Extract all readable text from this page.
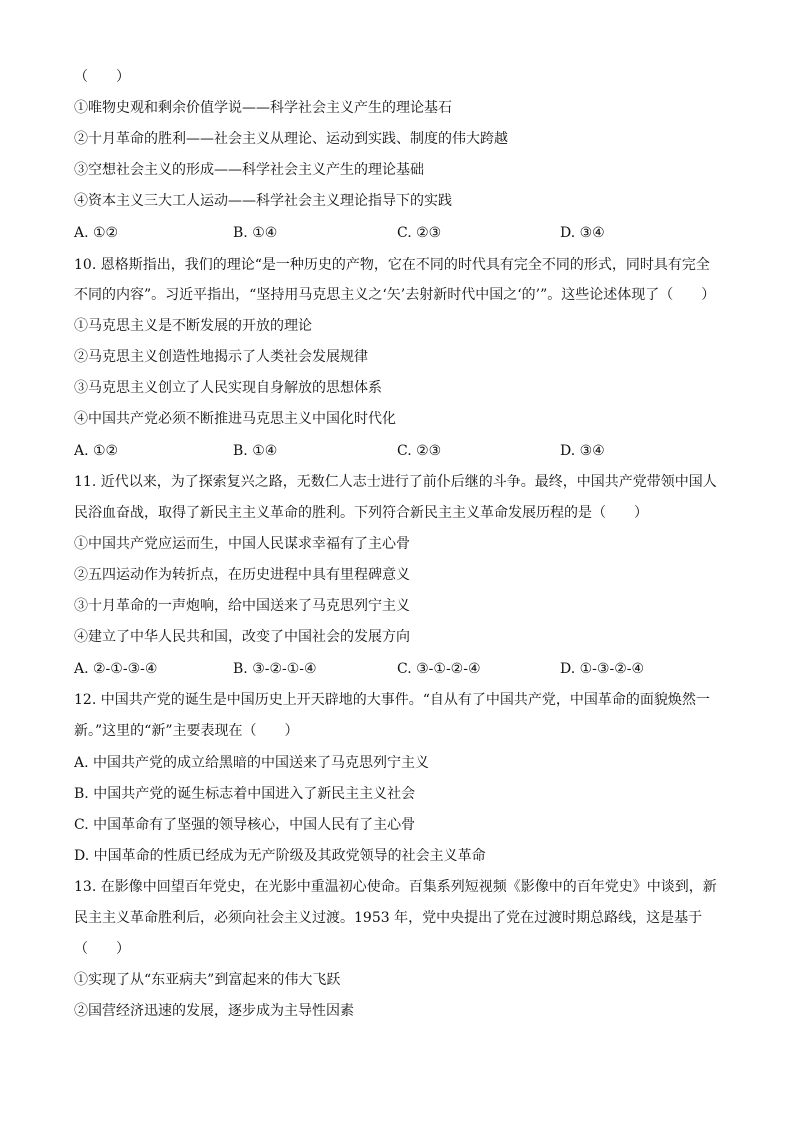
（　　）
①唯物史观和剩余价值学说——科学社会主义产生的理论基石
②十月革命的胜利——社会主义从理论、运动到实践、制度的伟大跨越
③空想社会主义的形成——科学社会主义产生的理论基础
④资本主义三大工人运动——科学社会主义理论指导下的实践
A. ①②	B. ①④	C. ②③	D. ③④
10. 恩格斯指出，我们的理论“是一种历史的产物，它在不同的时代具有完全不同的形式，同时具有完全
不同的内容”。习近平指出，“坚持用马克思主义之‘矢’去射新时代中国之‘的’”。这些论述体现了（　　）
①马克思主义是不断发展的开放的理论
②马克思主义创造性地揭示了人类社会发展规律
③马克思主义创立了人民实现自身解放的思想体系
④中国共产党必须不断推进马克思主义中国化时代化
A. ①②	B. ①④	C. ②③	D. ③④
11. 近代以来，为了探索复兴之路，无数仁人志士进行了前仆后继的斗争。最终，中国共产党带领中国人
民浴血奋战，取得了新民主主义革命的胜利。下列符合新民主主义革命发展历程的是（　　）
①中国共产党应运而生，中国人民谋求幸福有了主心骨
②五四运动作为转折点，在历史进程中具有里程碑意义
③十月革命的一声炮响，给中国送来了马克思列宁主义
④建立了中华人民共和国，改变了中国社会的发展方向
A. ②-①-③-④	B. ③-②-①-④	C. ③-①-②-④	D. ①-③-②-④
12. 中国共产党的诞生是中国历史上开天辟地的大事件。“自从有了中国共产党，中国革命的面貌焕然一
新。”这里的“新”主要表现在（　　）
A. 中国共产党的成立给黑暗的中国送来了马克思列宁主义
B. 中国共产党的诞生标志着中国进入了新民主主义社会
C. 中国革命有了坚强的领导核心，中国人民有了主心骨
D. 中国革命的性质已经成为无产阶级及其政党领导的社会主义革命
13. 在影像中回望百年党史，在光影中重温初心使命。百集系列短视频《影像中的百年党史》中谈到，新
民主主义革命胜利后，必须向社会主义过渡。1953 年，党中央提出了党在过渡时期总路线，这是基于
（　　）
①实现了从“东亚病夫”到富起来的伟大飞跃
②国营经济迅速的发展，逐步成为主导性因素
